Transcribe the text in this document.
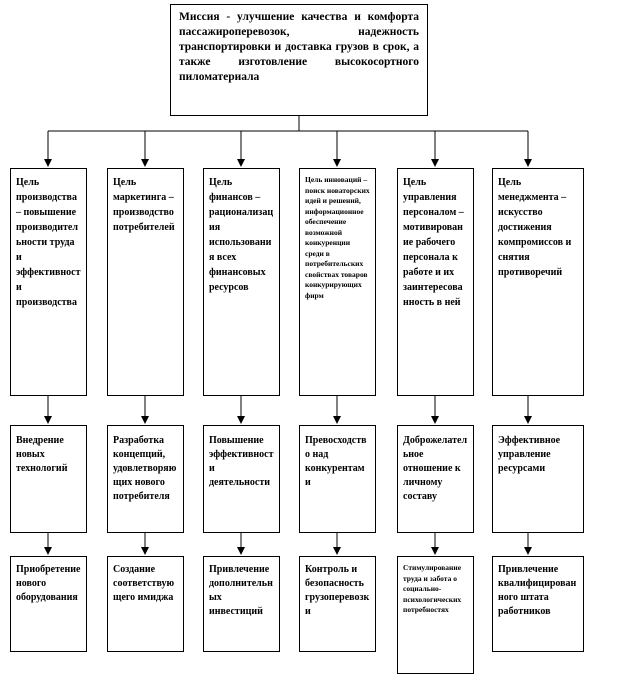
Миссия - улучшение качества и комфорта пассажироперевозок, надежность транспортировки и доставка грузов в срок, а также изготовление высокосортного пиломатериала
Цель производства – повышение производительности труда и эффективности производства
Внедрение новых технологий
Приобретение нового оборудования
Цель маркетинга – производство потребителей
Разработка концепций, удовлетворяющих нового потребителя
Создание соответствующего имиджа
Цель финансов – рационализация использования всех финансовых ресурсов
Повышение эффективности деятельности
Привлечение дополнительных инвестиций
Цель инноваций – поиск новаторских идей и решений, информационное обеспечение возможной конкуренции среди в потребительских свойствах товаров конкурирующих фирм
Превосходство над конкурентами
Контроль и безопасность грузоперевозки
Цель управления персоналом – мотивирование рабочего персонала к работе и их заинтересованность в ней
Доброжелательное отношение к личному составу
Стимулирование труда и забота о социально-психологических потребностях
Цель менеджмента – искусство достижения компромиссов и снятия противоречий
Эффективное управление ресурсами
Привлечение квалифицированного штата работников
